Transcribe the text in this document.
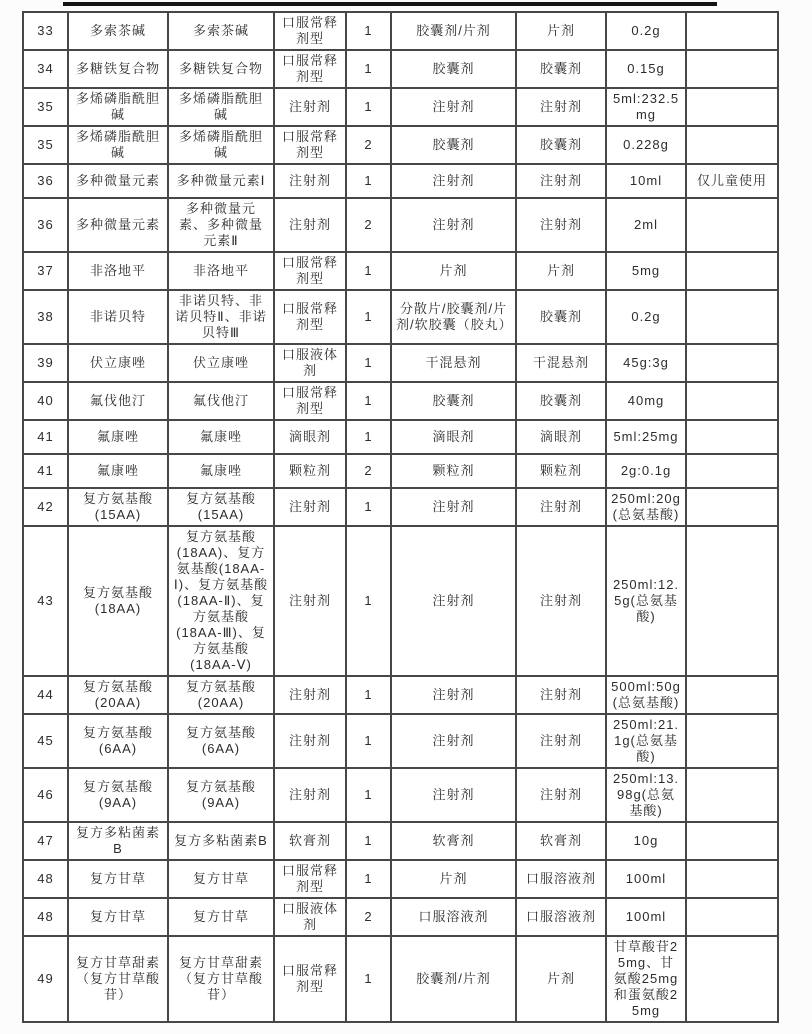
33	多索茶碱	多索茶碱	口服常释剂型	1	胶囊剂/片剂	片剂	0.2g	
34	多糖铁复合物	多糖铁复合物	口服常释剂型	1	胶囊剂	胶囊剂	0.15g	
35	多烯磷脂酰胆碱	多烯磷脂酰胆碱	注射剂	1	注射剂	注射剂	5ml:232.5mg	
35	多烯磷脂酰胆碱	多烯磷脂酰胆碱	口服常释剂型	2	胶囊剂	胶囊剂	0.228g	
36	多种微量元素	多种微量元素Ⅰ	注射剂	1	注射剂	注射剂	10ml	仅儿童使用
36	多种微量元素	多种微量元素、多种微量元素Ⅱ	注射剂	2	注射剂	注射剂	2ml	
37	非洛地平	非洛地平	口服常释剂型	1	片剂	片剂	5mg	
38	非诺贝特	非诺贝特、非诺贝特Ⅱ、非诺贝特Ⅲ	口服常释剂型	1	分散片/胶囊剂/片剂/软胶囊（胶丸）	胶囊剂	0.2g	
39	伏立康唑	伏立康唑	口服液体剂	1	干混悬剂	干混悬剂	45g:3g	
40	氟伐他汀	氟伐他汀	口服常释剂型	1	胶囊剂	胶囊剂	40mg	
41	氟康唑	氟康唑	滴眼剂	1	滴眼剂	滴眼剂	5ml:25mg	
41	氟康唑	氟康唑	颗粒剂	2	颗粒剂	颗粒剂	2g:0.1g	
42	复方氨基酸(15AA)	复方氨基酸(15AA)	注射剂	1	注射剂	注射剂	250ml:20g(总氨基酸)	
43	复方氨基酸(18AA)	复方氨基酸(18AA)、复方氨基酸(18AA-Ⅰ)、复方氨基酸(18AA-Ⅱ)、复方氨基酸(18AA-Ⅲ)、复方氨基酸(18AA-Ⅴ)	注射剂	1	注射剂	注射剂	250ml:12.5g(总氨基酸)	
44	复方氨基酸(20AA)	复方氨基酸(20AA)	注射剂	1	注射剂	注射剂	500ml:50g(总氨基酸)	
45	复方氨基酸(6AA)	复方氨基酸(6AA)	注射剂	1	注射剂	注射剂	250ml:21.1g(总氨基酸)	
46	复方氨基酸(9AA)	复方氨基酸(9AA)	注射剂	1	注射剂	注射剂	250ml:13.98g(总氨基酸)	
47	复方多粘菌素B	复方多粘菌素B	软膏剂	1	软膏剂	软膏剂	10g	
48	复方甘草	复方甘草	口服常释剂型	1	片剂	口服溶液剂	100ml	
48	复方甘草	复方甘草	口服液体剂	2	口服溶液剂	口服溶液剂	100ml	
49	复方甘草甜素（复方甘草酸苷）	复方甘草甜素（复方甘草酸苷）	口服常释剂型	1	胶囊剂/片剂	片剂	甘草酸苷25mg、甘氨酸25mg和蛋氨酸25mg	
